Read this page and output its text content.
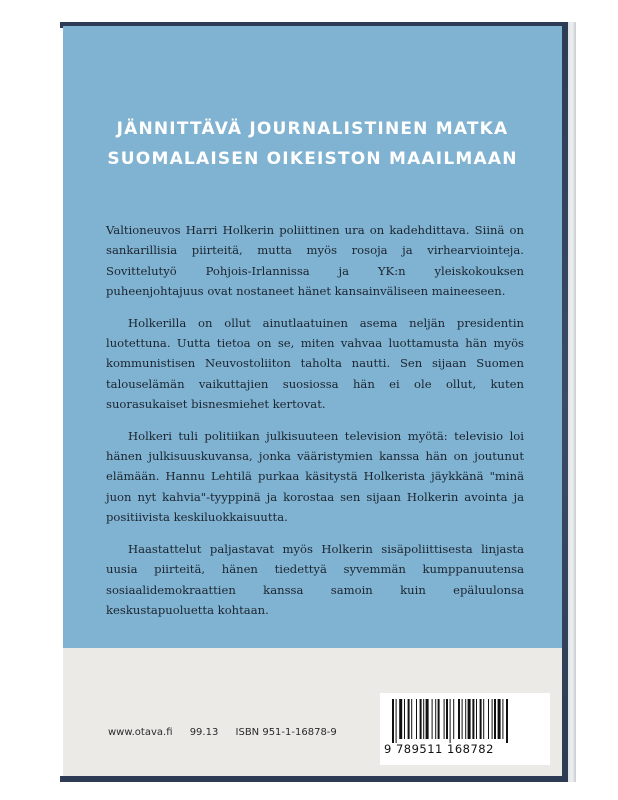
JÄNNITTÄVÄ JOURNALISTINEN MATKA
SUOMALAISEN OIKEISTON MAAILMAAN

Valtioneuvos Harri Holkerin poliittinen ura on kadehdittava. Siinä on sankarillisia piirteitä, mutta myös rosoja ja virhearviointeja. Sovittelutyö Pohjois-Irlannissa ja YK:n yleiskokouksen puheenjohtajuus ovat nostaneet hänet kansainväliseen maineeseen.

Holkerilla on ollut ainutlaatuinen asema neljän presidentin luotettuna. Uutta tietoa on se, miten vahvaa luottamusta hän myös kommunistisen Neuvostoliiton taholta nautti. Sen sijaan Suomen talouselämän vaikuttajien suosiossa hän ei ole ollut, kuten suorasukaiset bisnesmiehet kertovat.

Holkeri tuli politiikan julkisuuteen television myötä: televisio loi hänen julkisuuskuvansa, jonka vääristymien kanssa hän on joutunut elämään. Hannu Lehtilä purkaa käsitystä Holkerista jäykkänä "minä juon nyt kahvia"-tyyppinä ja korostaa sen sijaan Holkerin avointa ja positiivista keskiluokkaisuutta.

Haastattelut paljastavat myös Holkerin sisäpoliittisesta linjasta uusia piirteitä, hänen tiedettyä syvemmän kumppanuutensa sosiaalidemokraattien kanssa samoin kuin epäluulonsa keskustapuoluetta kohtaan.

www.otava.fi 99.13 ISBN 951-1-16878-9
9 789511 168782
